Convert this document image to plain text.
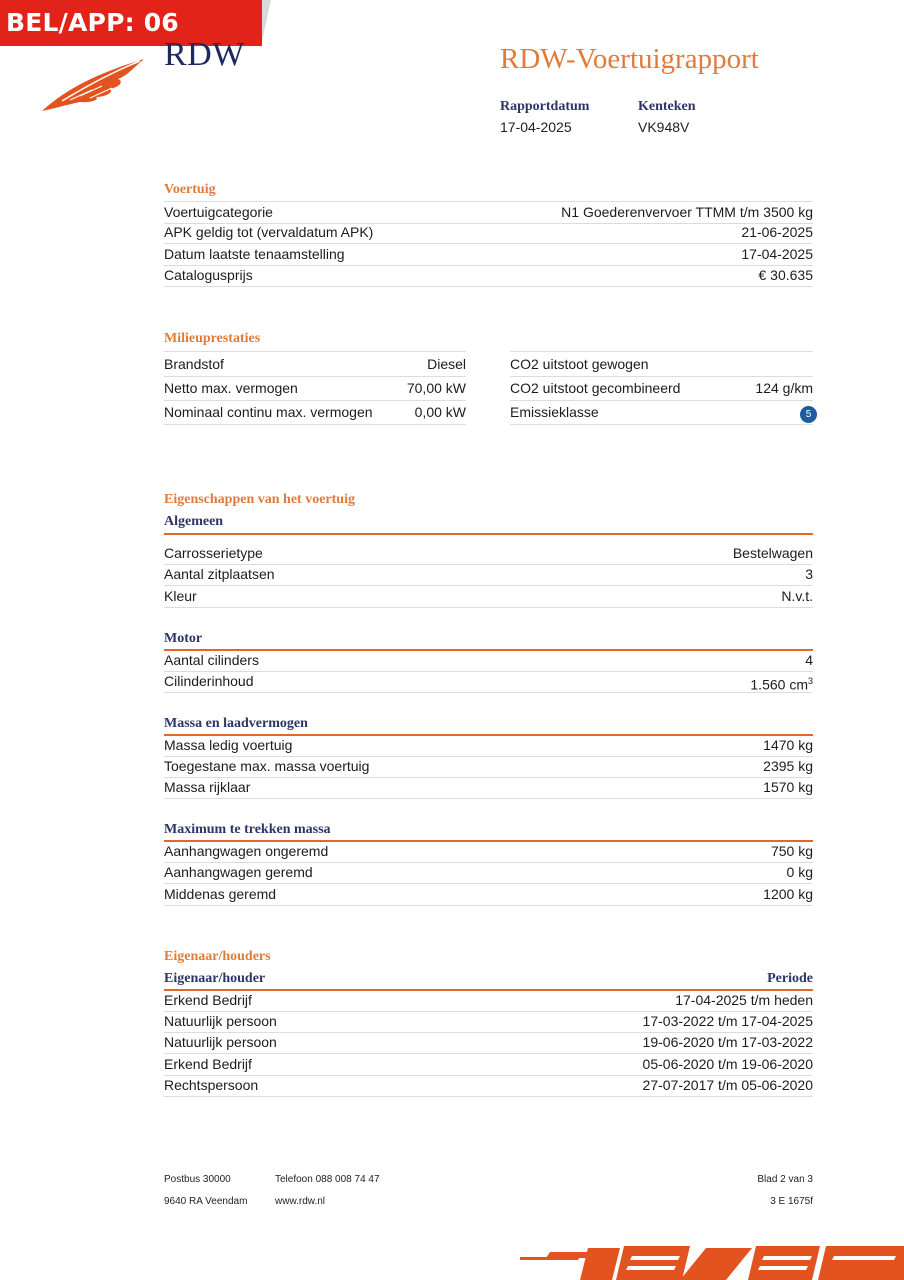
BEL/APP: 06 42745444 RDW	RDW-Voertuigrapport
Rapportdatum
17-04-2025
Kenteken
VK948V
Voertuig
Voertuigcategorie	N1 Goederenvervoer TTMM t/m 3500 kg
APK geldig tot (vervaldatum APK)	21-06-2025
Datum laatste tenaamstelling	17-04-2025
Catalogusprijs	€ 30.635
Milieuprestaties
Brandstof	Diesel
Netto max. vermogen	70,00 kW
Nominaal continu max. vermogen	0,00 kW
CO2 uitstoot gewogen
CO2 uitstoot gecombineerd	124 g/km
Emissieklasse	5
Eigenschappen van het voertuig
Algemeen
Carrosserietype	Bestelwagen
Aantal zitplaatsen	3
Kleur	N.v.t.
Motor
Aantal cilinders	4
Cilinderinhoud	1.560 $cm^3$
Massa en laadvermogen
Massa ledig voertuig	1470 kg
Toegestane max. massa voertuig	2395 kg
Massa rijklaar	1570 kg
Maximum te trekken massa
Aanhangwagen ongeremd	750 kg
Aanhangwagen geremd	0 kg
Middenas geremd	1200 kg
Eigenaar/houders
Eigenaar/houder	Periode
Erkend Bedrijf	17-04-2025 t/m heden
Natuurlijk persoon	17-03-2022 t/m 17-04-2025
Natuurlijk persoon	19-06-2020 t/m 17-03-2022
Erkend Bedrijf	05-06-2020 t/m 19-06-2020
Rechtspersoon	27-07-2017 t/m 05-06-2020
Postbus 30000
9640 RA Veendam
Telefoon 088 008 74 47
www.rdw.nl
Blad 2 van 3
3 E 1675f
